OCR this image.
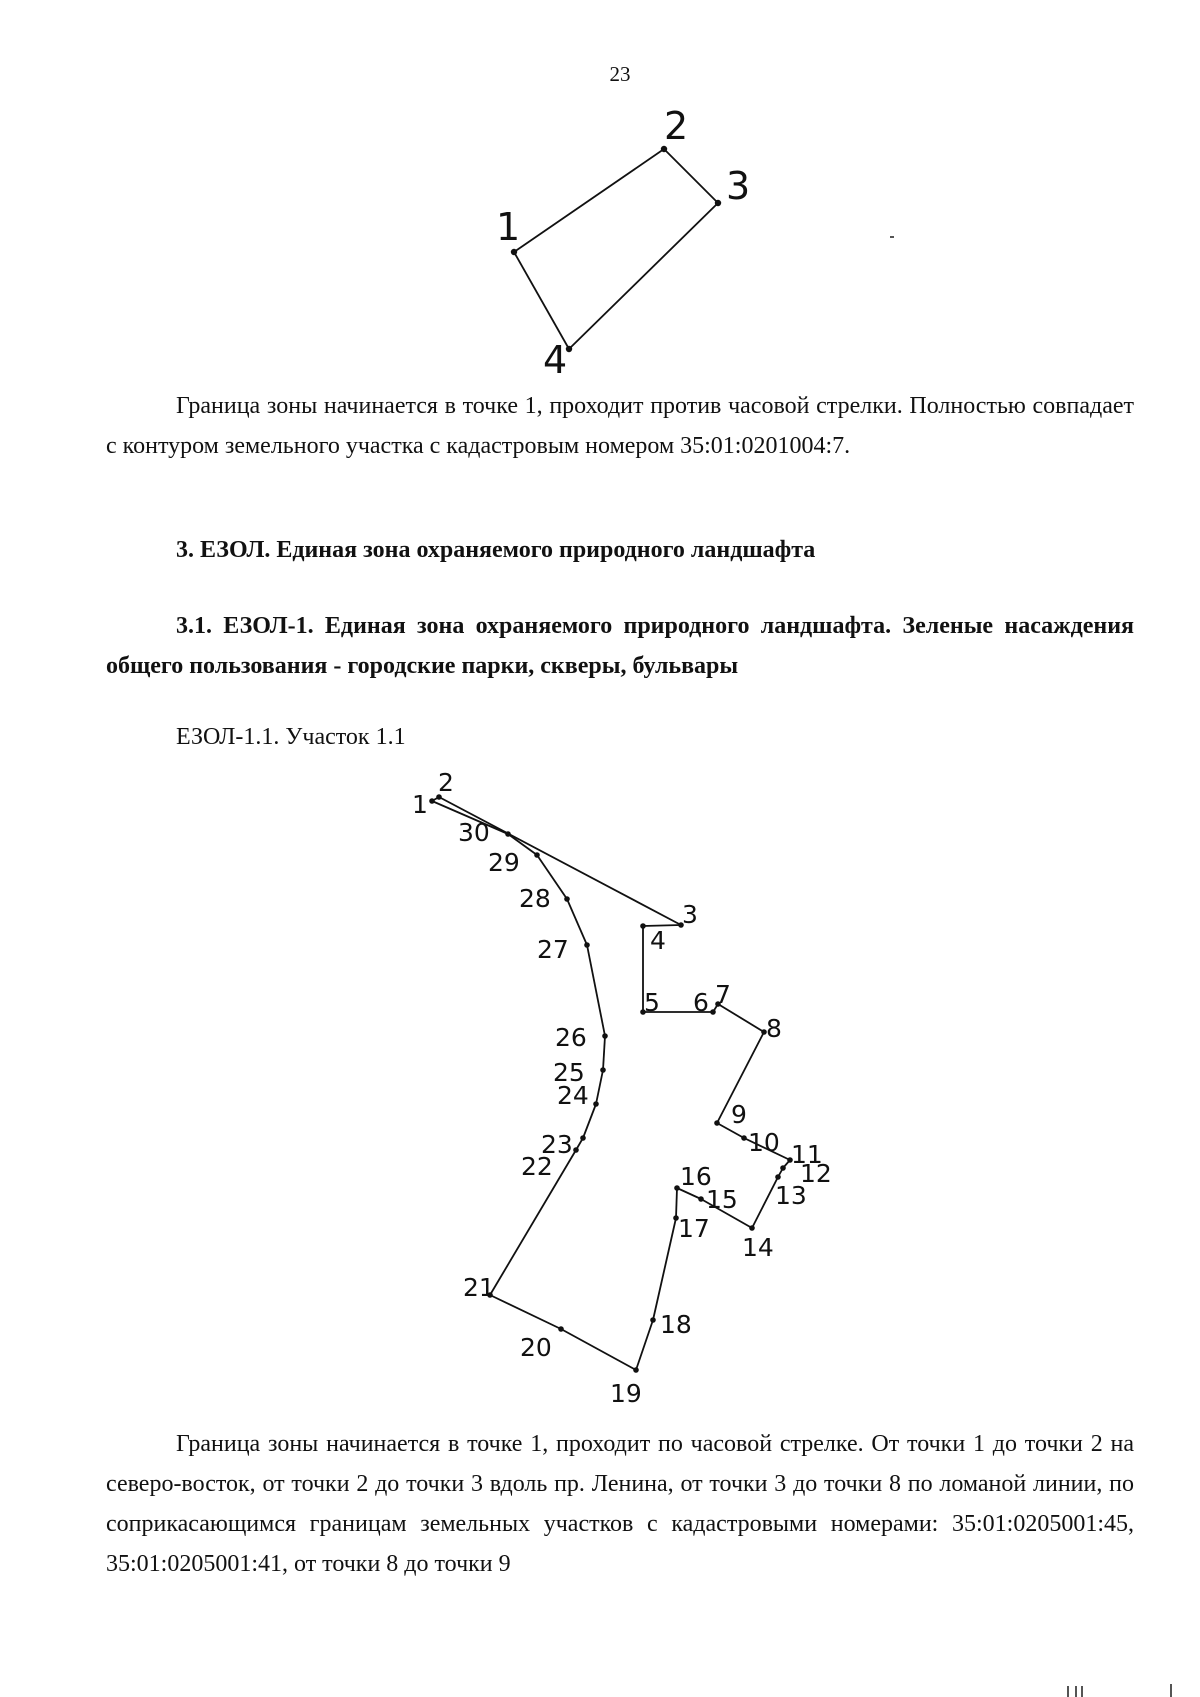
23
1
2
3
4

Граница зоны начинается в точке 1, проходит против часовой стрелки. Полностью совпадает с контуром земельного участка с кадастровым номером 35:01:0201004:7.

3. ЕЗОЛ. Единая зона охраняемого природного ландшафта
3.1. ЕЗОЛ-1. Единая зона охраняемого природного ландшафта. Зеленые насаждения общего пользования - городские парки, скверы, бульвары
ЕЗОЛ-1.1. Участок 1.1
1
2
3
4
5 6 7
8
9
10 11
12
13
14
15
16
17
18
19
20
21
22
23
24
25
26
27
28
29
30

Граница зоны начинается в точке 1, проходит по часовой стрелке. От точки 1 до точки 2 на северо-восток, от точки 2 до точки 3 вдоль пр. Ленина, от точки 3 до точки 8 по ломаной линии, по соприкасающимся границам земельных участков с кадастровыми номерами: 35:01:0205001:45, 35:01:0205001:41, от точки 8 до точки 9
